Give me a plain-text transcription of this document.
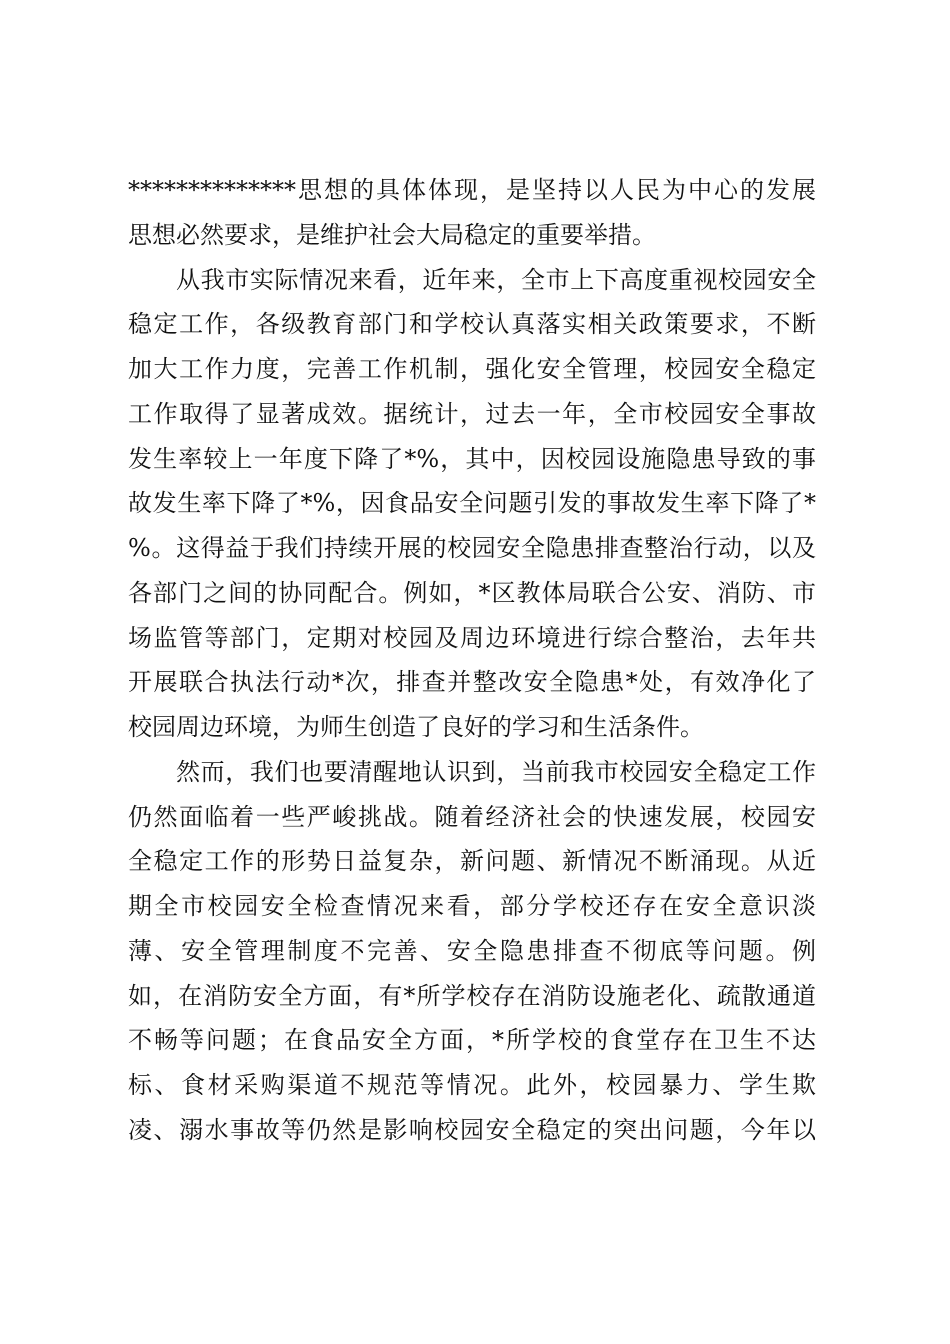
**************思想的具体体现，是坚持以人民为中心的发展
思想必然要求，是维护社会大局稳定的重要举措。
从我市实际情况来看，近年来，全市上下高度重视校园安全
稳定工作，各级教育部门和学校认真落实相关政策要求，不断
加大工作力度，完善工作机制，强化安全管理，校园安全稳定
工作取得了显著成效。据统计，过去一年，全市校园安全事故
发生率较上一年度下降了*%，其中，因校园设施隐患导致的事
故发生率下降了*%，因食品安全问题引发的事故发生率下降了*
%。这得益于我们持续开展的校园安全隐患排查整治行动，以及
各部门之间的协同配合。例如，*区教体局联合公安、消防、市
场监管等部门，定期对校园及周边环境进行综合整治，去年共
开展联合执法行动*次，排查并整改安全隐患*处，有效净化了
校园周边环境，为师生创造了良好的学习和生活条件。
然而，我们也要清醒地认识到，当前我市校园安全稳定工作
仍然面临着一些严峻挑战。随着经济社会的快速发展，校园安
全稳定工作的形势日益复杂，新问题、新情况不断涌现。从近
期全市校园安全检查情况来看，部分学校还存在安全意识淡
薄、安全管理制度不完善、安全隐患排查不彻底等问题。例
如，在消防安全方面，有*所学校存在消防设施老化、疏散通道
不畅等问题；在食品安全方面，*所学校的食堂存在卫生不达
标、食材采购渠道不规范等情况。此外，校园暴力、学生欺
凌、溺水事故等仍然是影响校园安全稳定的突出问题，今年以
